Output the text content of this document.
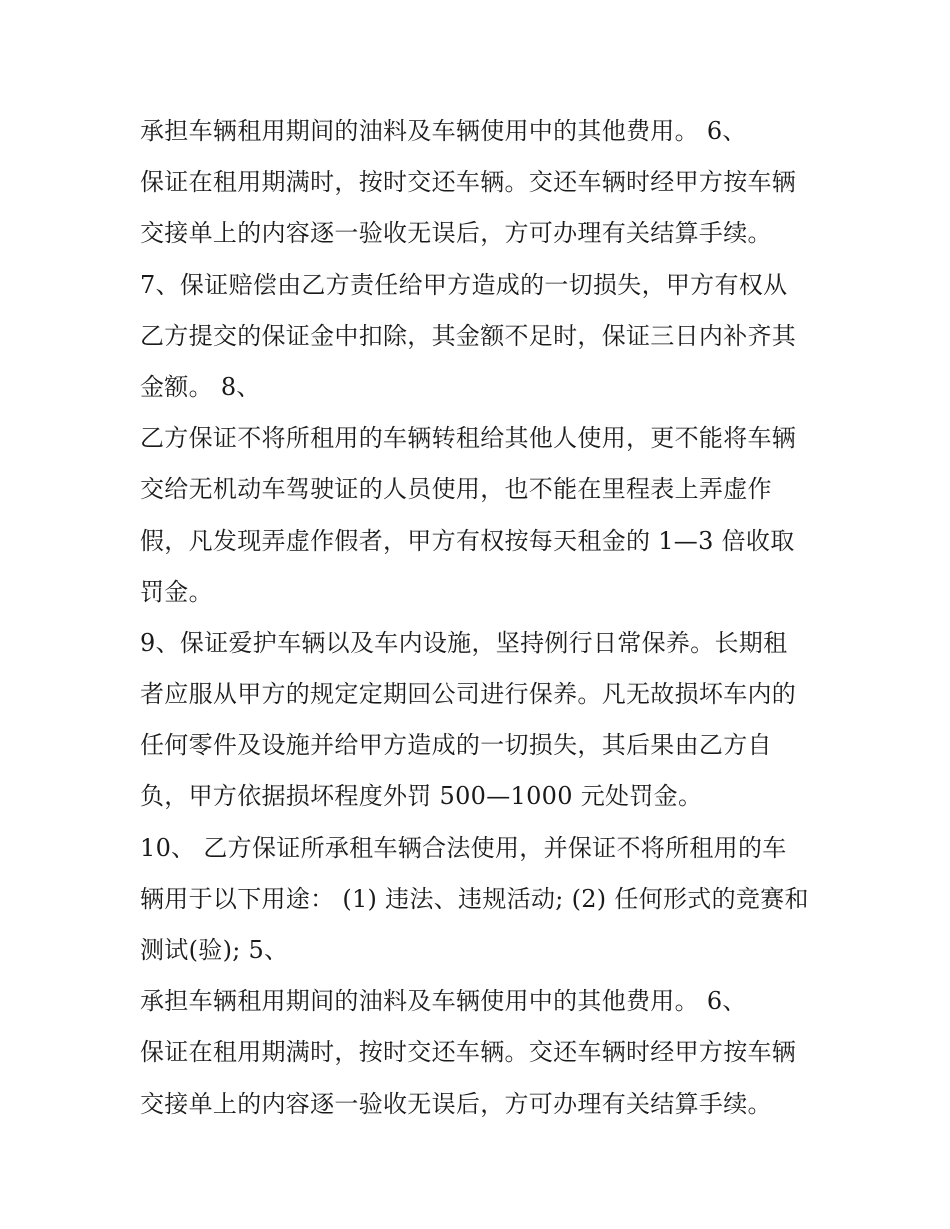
承担车辆租用期间的油料及车辆使用中的其他费用。 6、
保证在租用期满时，按时交还车辆。交还车辆时经甲方按车辆
交接单上的内容逐一验收无误后，方可办理有关结算手续。
7、保证赔偿由乙方责任给甲方造成的一切损失，甲方有权从
乙方提交的保证金中扣除，其金额不足时，保证三日内补齐其
金额。 8、
乙方保证不将所租用的车辆转租给其他人使用，更不能将车辆
交给无机动车驾驶证的人员使用，也不能在里程表上弄虚作
假，凡发现弄虚作假者，甲方有权按每天租金的 1—3 倍收取
罚金。
9、保证爱护车辆以及车内设施，坚持例行日常保养。长期租
者应服从甲方的规定定期回公司进行保养。凡无故损坏车内的
任何零件及设施并给甲方造成的一切损失，其后果由乙方自
负，甲方依据损坏程度外罚 500—1000 元处罚金。
10、 乙方保证所承租车辆合法使用，并保证不将所租用的车
辆用于以下用途： (1) 违法、违规活动; (2) 任何形式的竞赛和
测试(验); 5、
承担车辆租用期间的油料及车辆使用中的其他费用。 6、
保证在租用期满时，按时交还车辆。交还车辆时经甲方按车辆
交接单上的内容逐一验收无误后，方可办理有关结算手续。
